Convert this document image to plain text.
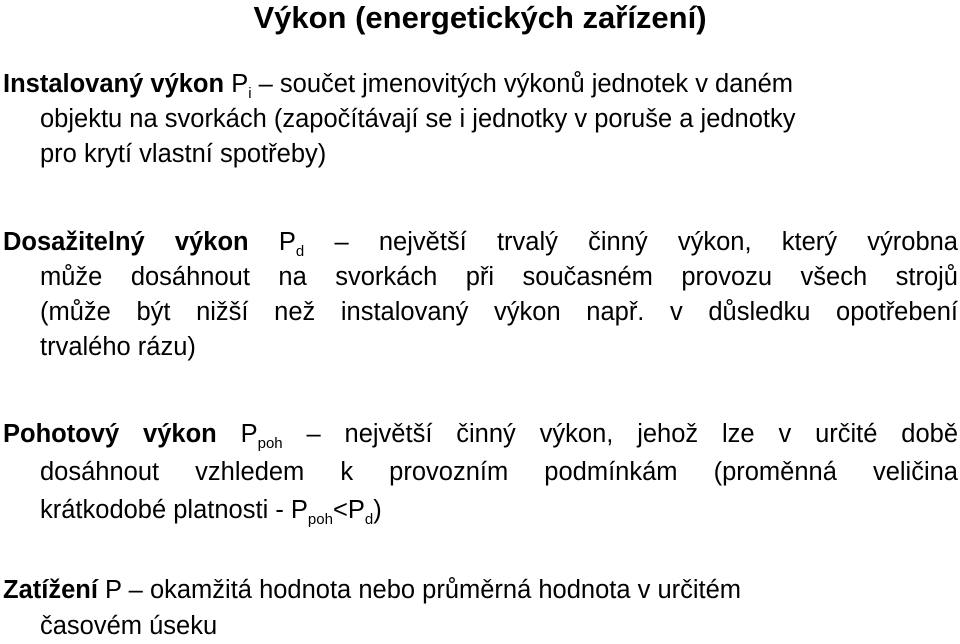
Výkon (energetických zařízení)
Instalovaný výkon $P_i$ – součet jmenovitých výkonů jednotek v daném
objektu na svorkách (započítávají se i jednotky v poruše a jednotky
pro krytí vlastní spotřeby)
Dosažitelný výkon $P_d$ – největší trvalý činný výkon, který výrobna
může dosáhnout na svorkách při současném provozu všech strojů
(může být nižší než instalovaný výkon např. v důsledku opotřebení
trvalého rázu)
Pohotový výkon $P_{poh}$ – největší činný výkon, jehož lze v určité době
dosáhnout vzhledem k provozním podmínkám (proměnná veličina
krátkodobé platnosti - $P_{poh}<P_d$)
Zatížení P – okamžitá hodnota nebo průměrná hodnota v určitém
časovém úseku
